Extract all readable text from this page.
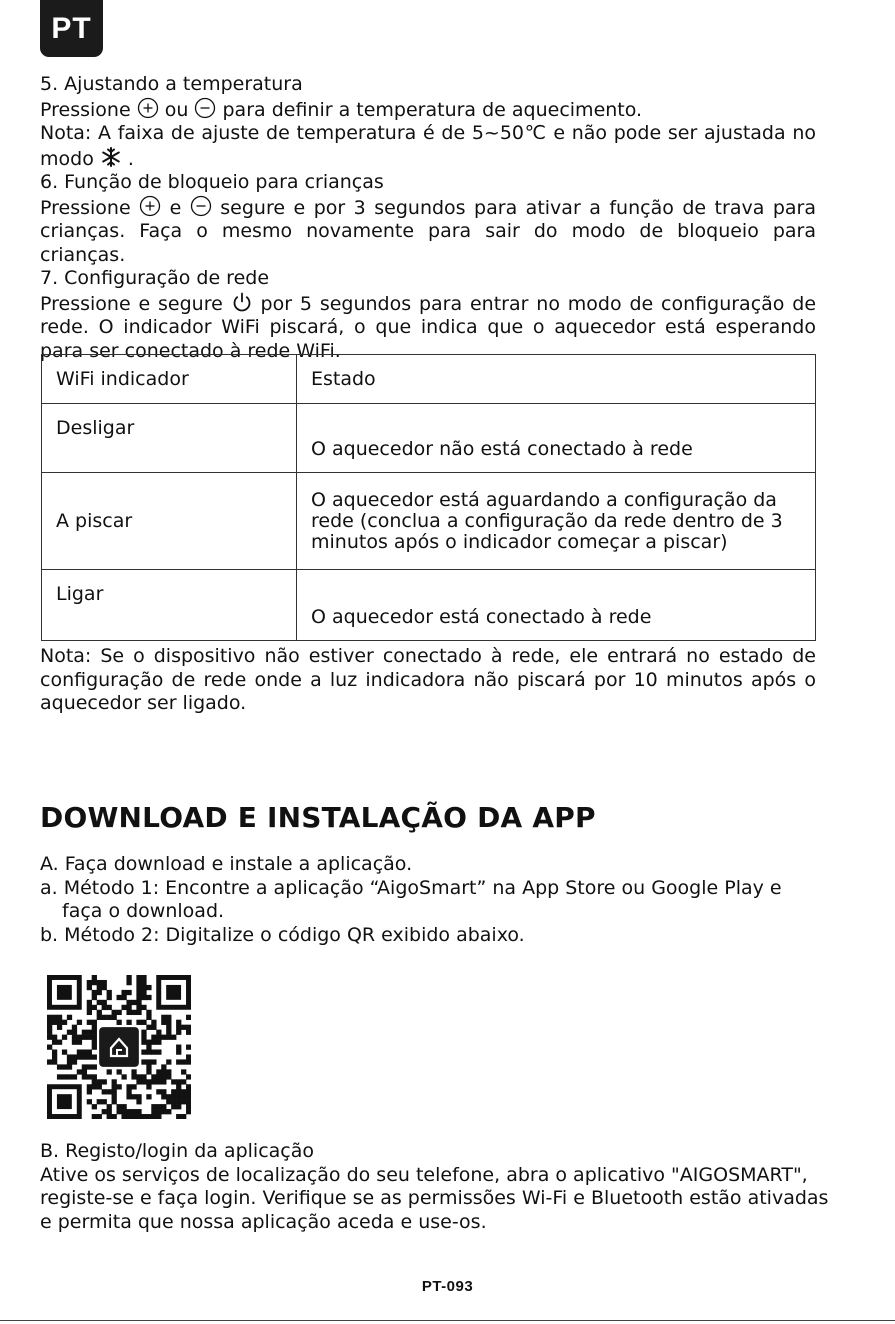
PT

5. Ajustando a temperatura

Pressione ou para definir a temperatura de aquecimento.

Nota: A faixa de ajuste de temperatura é de 5~50℃ e não pode ser ajustada no modo .

6. Função de bloqueio para crianças

Pressione e segure e por 3 segundos para ativar a função de trava para crianças. Faça o mesmo novamente para sair do modo de bloqueio para crianças.

7. Configuração de rede

Pressione e segure por 5 segundos para entrar no modo de configuração de rede. O indicador WiFi piscará, o que indica que o aquecedor está esperando para ser conectado à rede WiFi.

WiFi indicador	Estado
Desligar	O aquecedor não está conectado à rede
A piscar	O aquecedor está aguardando a configuração da rede (conclua a configuração da rede dentro de 3 minutos após o indicador começar a piscar)
Ligar	O aquecedor está conectado à rede

Nota: Se o dispositivo não estiver conectado à rede, ele entrará no estado de configuração de rede onde a luz indicadora não piscará por 10 minutos após o aquecedor ser ligado.

DOWNLOAD E INSTALAÇÃO DA APP

A. Faça download e instale a aplicação.

a. Método 1: Encontre a aplicação “AigoSmart” na App Store ou Google Play e

faça o download.

b. Método 2: Digitalize o código QR exibido abaixo.

B. Registo/login da aplicação

Ative os serviços de localização do seu telefone, abra o aplicativo "AIGOSMART", registe-se e faça login. Verifique se as permissões Wi-Fi e Bluetooth estão ativadas e permita que nossa aplicação aceda e use-os.

PT-093
